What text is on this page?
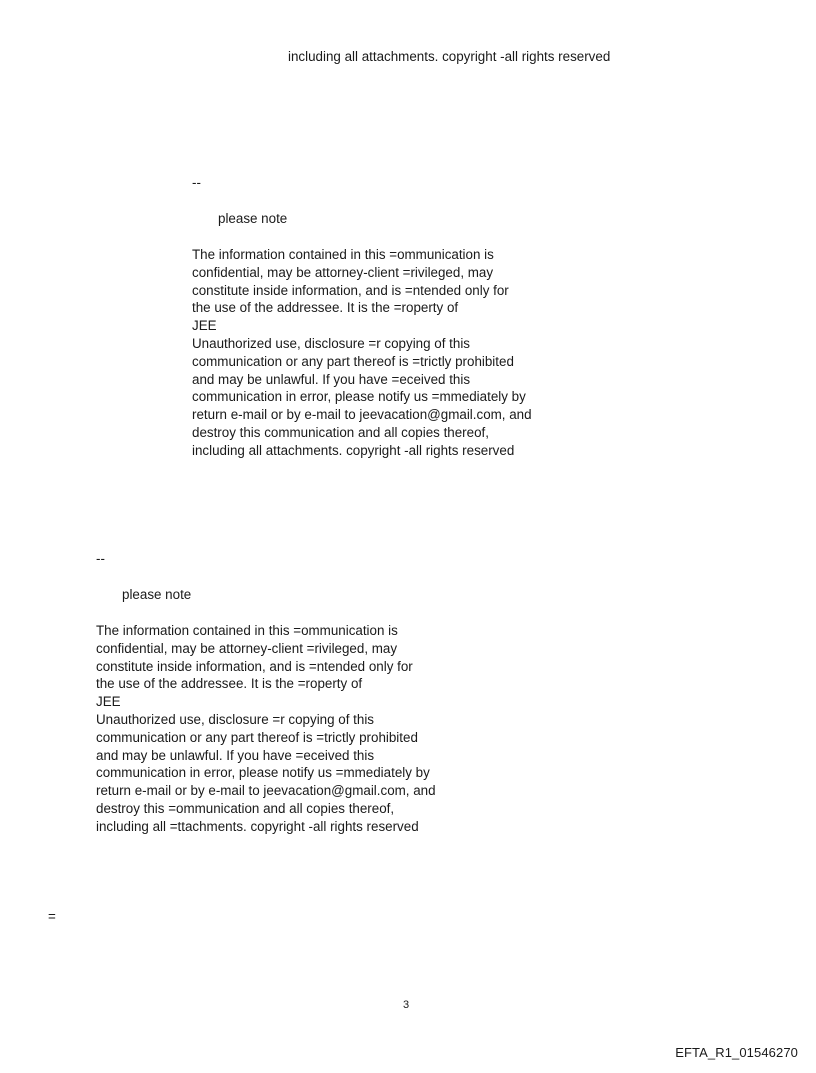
including all attachments. copyright -all rights reserved
--
please note
The information contained in this =ommunication is
confidential, may be attorney-client =rivileged, may
constitute inside information, and is =ntended only for
the use of the addressee. It is the =roperty of
JEE
Unauthorized use, disclosure =r copying of this
communication or any part thereof is =trictly prohibited
and may be unlawful. If you have =eceived this
communication in error, please notify us =mmediately by
return e-mail or by e-mail to jeevacation@gmail.com, and
destroy this communication and all copies thereof,
including all attachments. copyright -all rights reserved
--
please note
The information contained in this =ommunication is
confidential, may be attorney-client =rivileged, may
constitute inside information, and is =ntended only for
the use of the addressee. It is the =roperty of
JEE
Unauthorized use, disclosure =r copying of this
communication or any part thereof is =trictly prohibited
and may be unlawful. If you have =eceived this
communication in error, please notify us =mmediately by
return e-mail or by e-mail to jeevacation@gmail.com, and
destroy this =ommunication and all copies thereof,
including all =ttachments. copyright -all rights reserved
=
3
EFTA_R1_01546270
